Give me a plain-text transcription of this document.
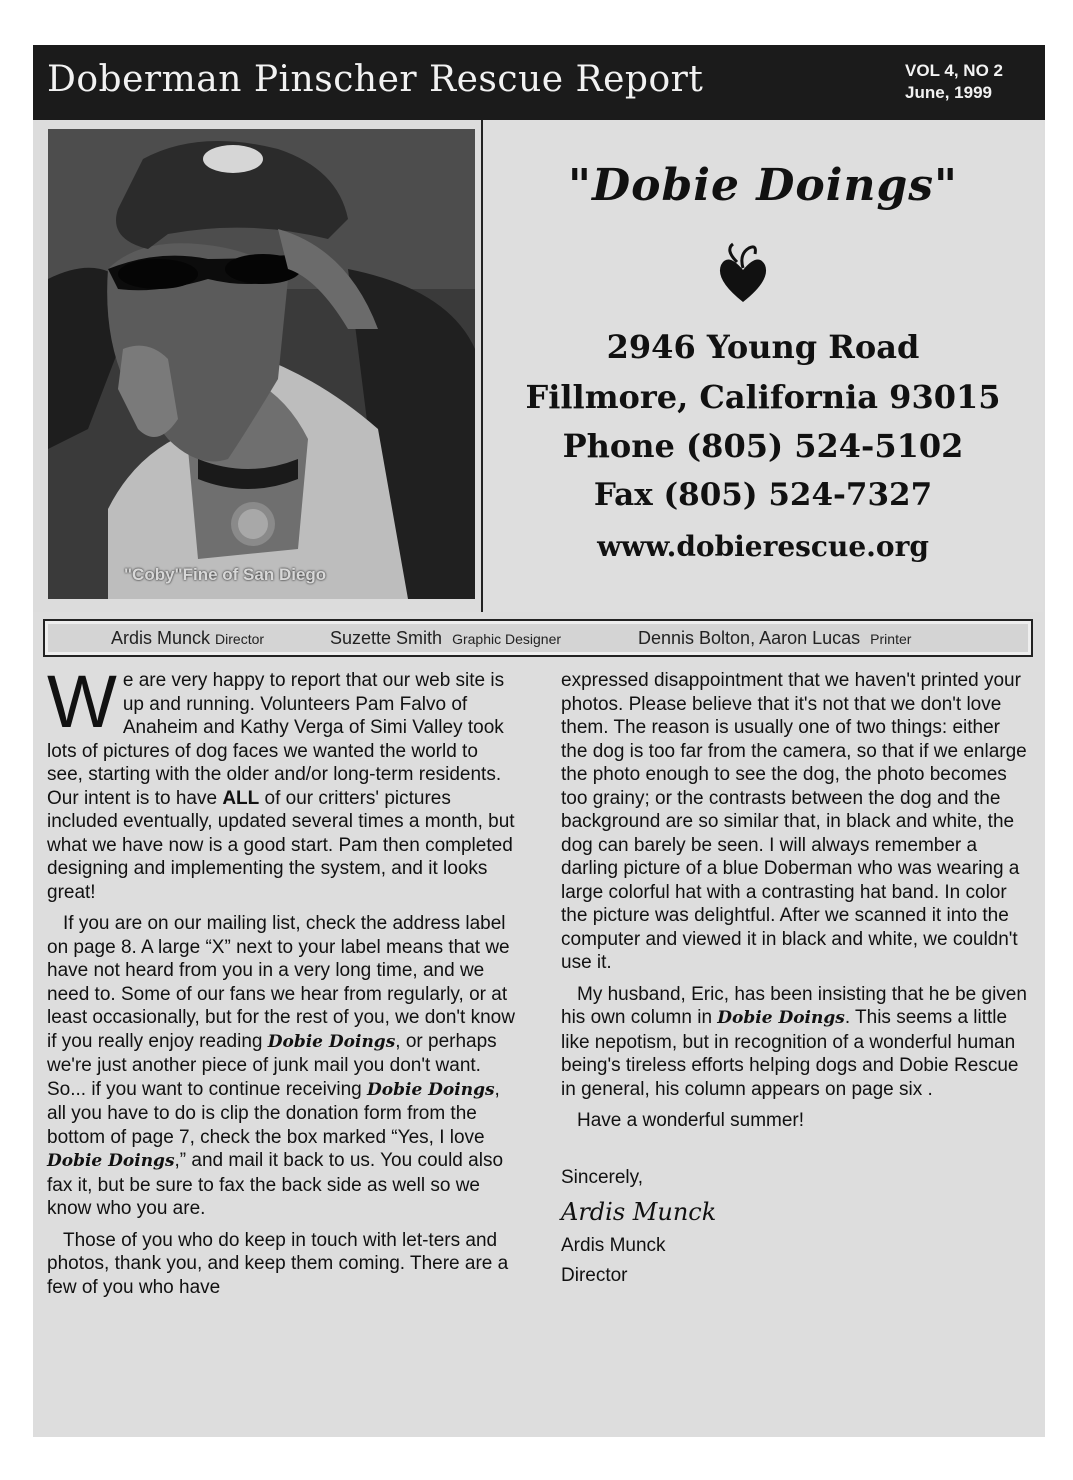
Doberman Pinscher Rescue Report	VOL 4, NO 2
June, 1999
"Coby"Fine of San Diego
"Dobie Doings"
2946 Young Road
Fillmore, California 93015
Phone (805) 524-5102
Fax (805) 524-7327
www.dobierescue.org
Ardis Munck Director	Suzette Smith Graphic Designer	Dennis Bolton, Aaron Lucas Printer

We are very happy to report that our web site is up and running. Volunteers Pam Falvo of Anaheim and Kathy Verga of Simi Valley took lots of pictures of dog faces we wanted the world to see, starting with the older and/or long-term residents. Our intent is to have ALL of our critters' pictures included eventually, updated several times a month, but what we have now is a good start. Pam then completed designing and implementing the system, and it looks great!

If you are on our mailing list, check the address label on page 8. A large “X” next to your label means that we have not heard from you in a very long time, and we need to. Some of our fans we hear from regularly, or at least occasionally, but for the rest of you, we don't know if you really enjoy reading Dobie Doings, or perhaps we're just another piece of junk mail you don't want. So... if you want to continue receiving Dobie Doings, all you have to do is clip the donation form from the bottom of page 7, check the box marked “Yes, I love Dobie Doings,” and mail it back to us. You could also fax it, but be sure to fax the back side as well so we know who you are.

Those of you who do keep in touch with let-ters and photos, thank you, and keep them coming. There are a few of you who have

expressed disappointment that we haven't printed your photos. Please believe that it's not that we don't love them. The reason is usually one of two things: either the dog is too far from the camera, so that if we enlarge the photo enough to see the dog, the photo becomes too grainy; or the contrasts between the dog and the background are so similar that, in black and white, the dog can barely be seen. I will always remember a darling picture of a blue Doberman who was wearing a large colorful hat with a contrasting hat band. In color the picture was delightful. After we scanned it into the computer and viewed it in black and white, we couldn't use it.

My husband, Eric, has been insisting that he be given his own column in Dobie Doings. This seems a little like nepotism, but in recognition of a wonderful human being's tireless efforts helping dogs and Dobie Rescue in general, his column appears on page six .

Have a wonderful summer!

Sincerely,
Ardis Munck
Ardis Munck
Director
